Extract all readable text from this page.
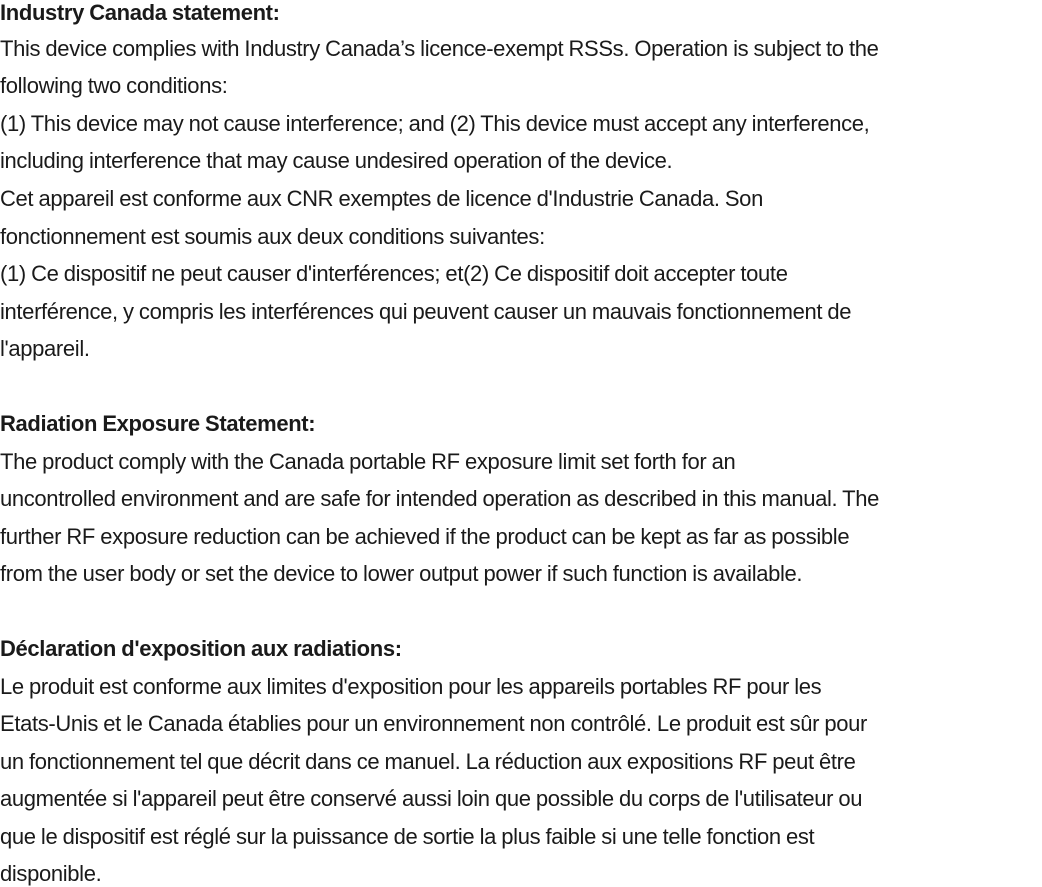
Industry Canada statement:
This device complies with Industry Canada’s licence-exempt RSSs. Operation is subject to the
following two conditions:
(1) This device may not cause interference; and (2) This device must accept any interference,
including interference that may cause undesired operation of the device.
Cet appareil est conforme aux CNR exemptes de licence d'Industrie Canada. Son
fonctionnement est soumis aux deux conditions suivantes:
(1) Ce dispositif ne peut causer d'interférences; et(2) Ce dispositif doit accepter toute
interférence, y compris les interférences qui peuvent causer un mauvais fonctionnement de
l'appareil.
Radiation Exposure Statement:
The product comply with the Canada portable RF exposure limit set forth for an
uncontrolled environment and are safe for intended operation as described in this manual. The
further RF exposure reduction can be achieved if the product can be kept as far as possible
from the user body or set the device to lower output power if such function is available.
Déclaration d'exposition aux radiations:
Le produit est conforme aux limites d'exposition pour les appareils portables RF pour les
Etats-Unis et le Canada établies pour un environnement non contrôlé. Le produit est sûr pour
un fonctionnement tel que décrit dans ce manuel. La réduction aux expositions RF peut être
augmentée si l'appareil peut être conservé aussi loin que possible du corps de l'utilisateur ou
que le dispositif est réglé sur la puissance de sortie la plus faible si une telle fonction est
disponible.
